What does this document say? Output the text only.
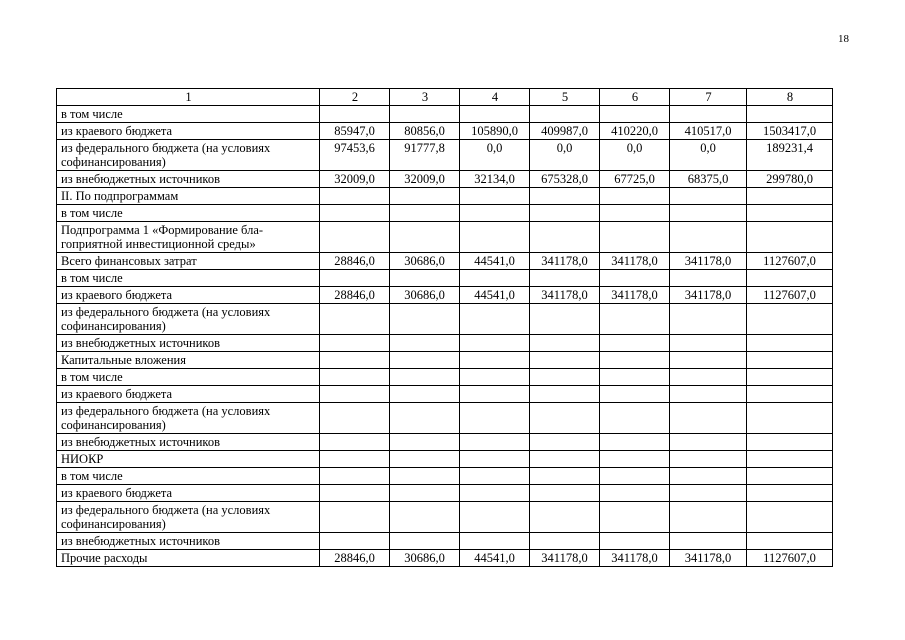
18
1	2	3	4	5	6	7	8
в том числе							
из краевого бюджета	85947,0	80856,0	105890,0	409987,0	410220,0	410517,0	1503417,0
из федерального бюджета (на условиях софинансирования)	97453,6	91777,8	0,0	0,0	0,0	0,0	189231,4
из внебюджетных источников	32009,0	32009,0	32134,0	675328,0	67725,0	68375,0	299780,0
II. По подпрограммам							
в том числе							
Подпрограмма 1 «Формирование бла-гоприятной инвестиционной среды»							
Всего финансовых затрат	28846,0	30686,0	44541,0	341178,0	341178,0	341178,0	1127607,0
в том числе							
из краевого бюджета	28846,0	30686,0	44541,0	341178,0	341178,0	341178,0	1127607,0
из федерального бюджета (на условиях софинансирования)							
из внебюджетных источников							
Капитальные вложения							
в том числе							
из краевого бюджета							
из федерального бюджета (на условиях софинансирования)							
из внебюджетных источников							
НИОКР							
в том числе							
из краевого бюджета							
из федерального бюджета (на условиях софинансирования)							
из внебюджетных источников							
Прочие расходы	28846,0	30686,0	44541,0	341178,0	341178,0	341178,0	1127607,0
